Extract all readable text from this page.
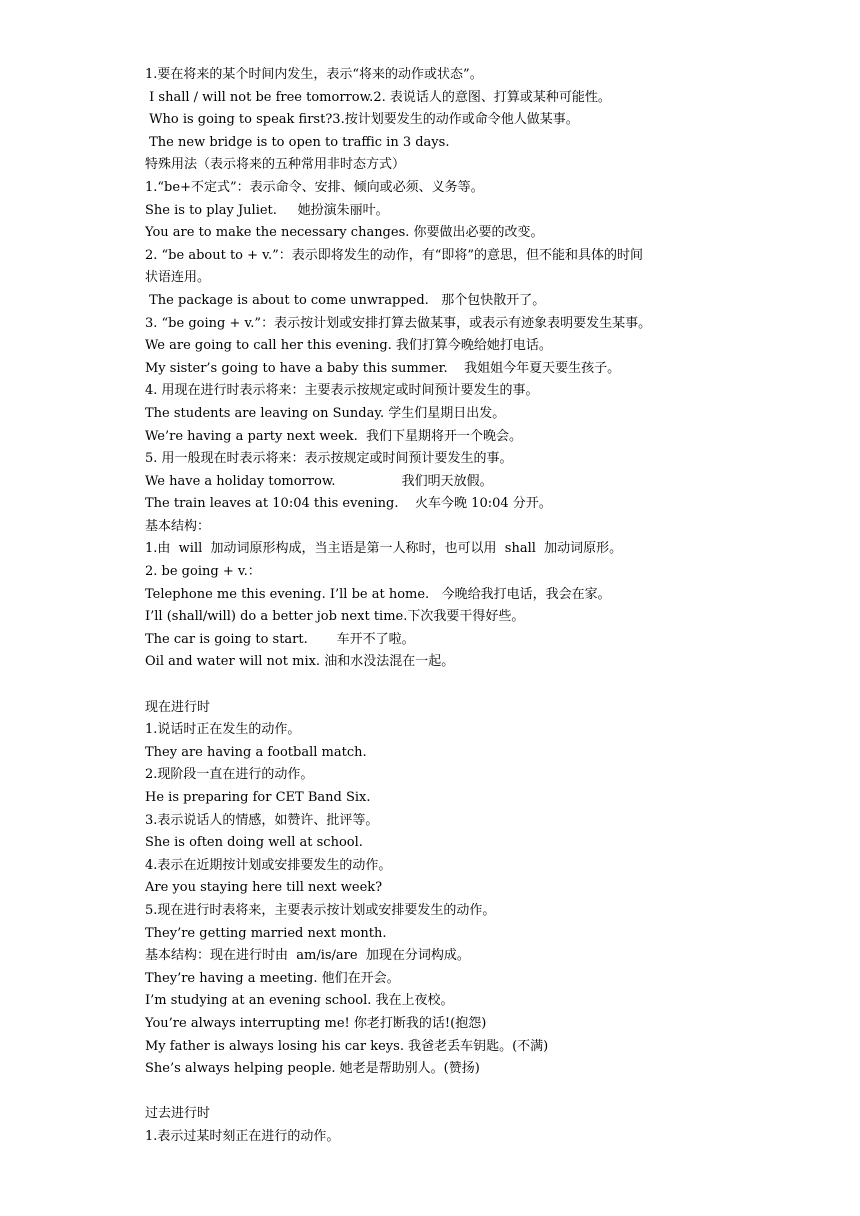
1.要在将来的某个时间内发生，表示“将来的动作或状态”。
I shall / will not be free tomorrow.2. 表说话人的意图、打算或某种可能性。
Who is going to speak first?3.按计划要发生的动作或命令他人做某事。
The new bridge is to open to traffic in 3 days.
特殊用法（表示将来的五种常用非时态方式）
1.“be+不定式”：表示命令、安排、倾向或必须、义务等。
She is to play Juliet.     她扮演朱丽叶。
You are to make the necessary changes. 你要做出必要的改变。
2. “be about to + v.”：表示即将发生的动作，有“即将”的意思，但不能和具体的时间
状语连用。
The package is about to come unwrapped.   那个包快散开了。
3. “be going + v.”：表示按计划或安排打算去做某事，或表示有迹象表明要发生某事。
We are going to call her this evening. 我们打算今晚给她打电话。
My sister’s going to have a baby this summer.    我姐姐今年夏天要生孩子。
4. 用现在进行时表示将来：主要表示按规定或时间预计要发生的事。
The students are leaving on Sunday. 学生们星期日出发。
We’re having a party next week.  我们下星期将开一个晚会。
5. 用一般现在时表示将来：表示按规定或时间预计要发生的事。
We have a holiday tomorrow.                我们明天放假。
The train leaves at 10:04 this evening.    火车今晚 10:04 分开。
基本结构：
1.由  will  加动词原形构成，当主语是第一人称时，也可以用  shall  加动词原形。
2. be going + v.：
Telephone me this evening. I’ll be at home.   今晚给我打电话，我会在家。
I’ll (shall/will) do a better job next time.下次我要干得好些。
The car is going to start.       车开不了啦。
Oil and water will not mix. 油和水没法混在一起。
现在进行时
1.说话时正在发生的动作。
They are having a football match.
2.现阶段一直在进行的动作。
He is preparing for CET Band Six.
3.表示说话人的情感，如赞许、批评等。
She is often doing well at school.
4.表示在近期按计划或安排要发生的动作。
Are you staying here till next week?
5.现在进行时表将来，主要表示按计划或安排要发生的动作。
They’re getting married next month.
基本结构：现在进行时由  am/is/are  加现在分词构成。
They’re having a meeting. 他们在开会。
I’m studying at an evening school. 我在上夜校。
You’re always interrupting me! 你老打断我的话!(抱怨)
My father is always losing his car keys. 我爸老丢车钥匙。(不满)
She’s always helping people. 她老是帮助别人。(赞扬)
过去进行时
1.表示过某时刻正在进行的动作。
